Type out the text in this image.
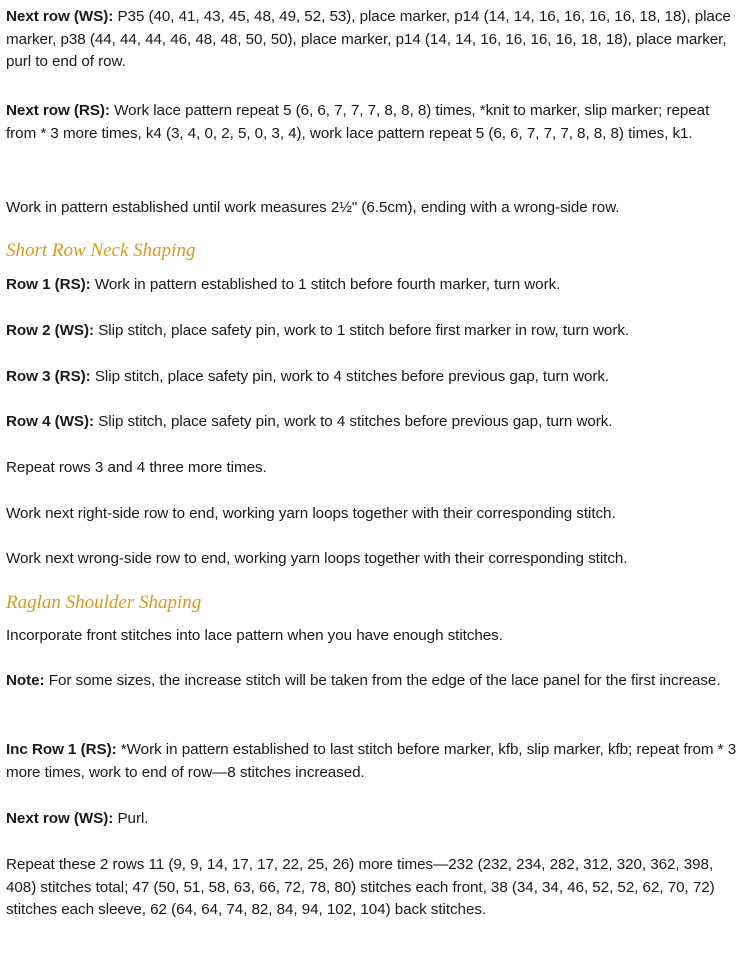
Next row (WS): P35 (40, 41, 43, 45, 48, 49, 52, 53), place marker, p14 (14, 14, 16, 16, 16, 16, 18, 18), place marker, p38 (44, 44, 44, 46, 48, 48, 50, 50), place marker, p14 (14, 14, 16, 16, 16, 16, 18, 18), place marker, purl to end of row.

Next row (RS): Work lace pattern repeat 5 (6, 6, 7, 7, 7, 8, 8, 8) times, *knit to marker, slip marker; repeat from * 3 more times, k4 (3, 4, 0, 2, 5, 0, 3, 4), work lace pattern repeat 5 (6, 6, 7, 7, 7, 8, 8, 8) times, k1.

Work in pattern established until work measures 2½" (6.5cm), ending with a wrong-side row.

Short Row Neck Shaping

Row 1 (RS): Work in pattern established to 1 stitch before fourth marker, turn work.

Row 2 (WS): Slip stitch, place safety pin, work to 1 stitch before first marker in row, turn work.

Row 3 (RS): Slip stitch, place safety pin, work to 4 stitches before previous gap, turn work.

Row 4 (WS): Slip stitch, place safety pin, work to 4 stitches before previous gap, turn work.

Repeat rows 3 and 4 three more times.

Work next right-side row to end, working yarn loops together with their corresponding stitch.

Work next wrong-side row to end, working yarn loops together with their corresponding stitch.

Raglan Shoulder Shaping

Incorporate front stitches into lace pattern when you have enough stitches.

Note: For some sizes, the increase stitch will be taken from the edge of the lace panel for the first increase.

Inc Row 1 (RS): *Work in pattern established to last stitch before marker, kfb, slip marker, kfb; repeat from * 3 more times, work to end of row—8 stitches increased.

Next row (WS): Purl.

Repeat these 2 rows 11 (9, 9, 14, 17, 17, 22, 25, 26) more times—232 (232, 234, 282, 312, 320, 362, 398, 408) stitches total; 47 (50, 51, 58, 63, 66, 72, 78, 80) stitches each front, 38 (34, 34, 46, 52, 52, 62, 70, 72) stitches each sleeve, 62 (64, 64, 74, 82, 84, 94, 102, 104) back stitches.
